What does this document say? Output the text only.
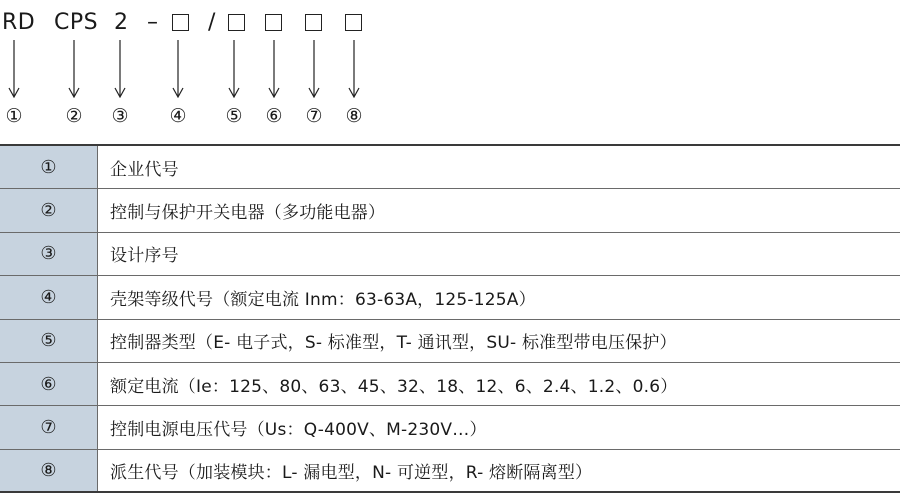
RD CPS 2 – /
① ② ③ ④ ⑤ ⑥ ⑦ ⑧
①	企业代号
②	控制与保护开关电器（多功能电器）
③	设计序号
④	壳架等级代号（额定电流 Inm：63-63A，125-125A）
⑤	控制器类型（E- 电子式，S- 标准型，T- 通讯型，SU- 标准型带电压保护）
⑥	额定电流（Ie：125、80、63、45、32、18、12、6、2.4、1.2、0.6）
⑦	控制电源电压代号（Us：Q-400V、M-230V…）
⑧	派生代号（加装模块：L- 漏电型，N- 可逆型，R- 熔断隔离型）
